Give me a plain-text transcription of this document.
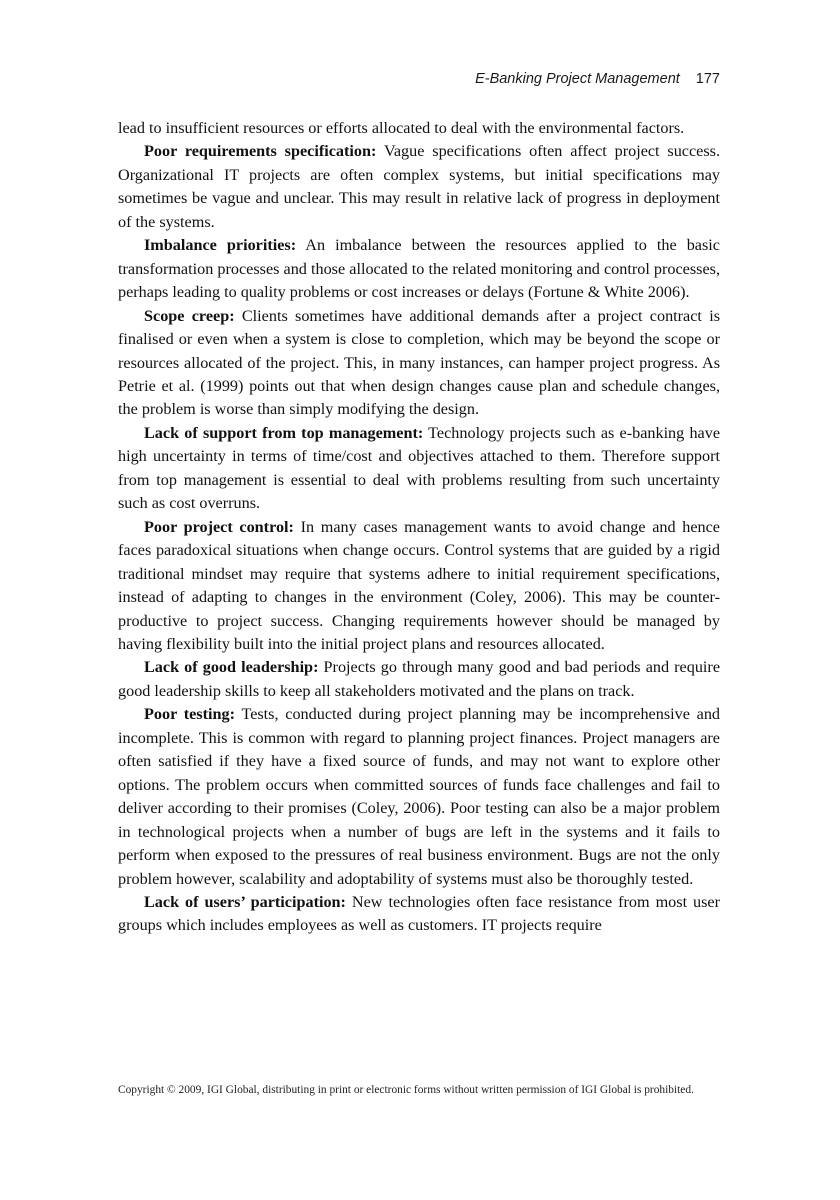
E-Banking Project Management 177

lead to insufficient resources or efforts allocated to deal with the environmental factors.

Poor requirements specification: Vague specifications often affect project success. Organizational IT projects are often complex systems, but initial specifications may sometimes be vague and unclear. This may result in relative lack of progress in deployment of the systems.

Imbalance priorities: An imbalance between the resources applied to the basic transformation processes and those allocated to the related monitoring and control processes, perhaps leading to quality problems or cost increases or delays (Fortune & White 2006).

Scope creep: Clients sometimes have additional demands after a project contract is finalised or even when a system is close to completion, which may be beyond the scope or resources allocated of the project. This, in many instances, can hamper project progress. As Petrie et al. (1999) points out that when design changes cause plan and schedule changes, the problem is worse than simply modifying the design.

Lack of support from top management: Technology projects such as e-banking have high uncertainty in terms of time/cost and objectives attached to them. Therefore support from top management is essential to deal with problems resulting from such uncertainty such as cost overruns.

Poor project control: In many cases management wants to avoid change and hence faces paradoxical situations when change occurs. Control systems that are guided by a rigid traditional mindset may require that systems adhere to initial requirement specifications, instead of adapting to changes in the environment (Coley, 2006). This may be counter-productive to project success. Changing requirements however should be managed by having flexibility built into the initial project plans and resources allocated.

Lack of good leadership: Projects go through many good and bad periods and require good leadership skills to keep all stakeholders motivated and the plans on track.

Poor testing: Tests, conducted during project planning may be incomprehensive and incomplete. This is common with regard to planning project finances. Project managers are often satisfied if they have a fixed source of funds, and may not want to explore other options. The problem occurs when committed sources of funds face challenges and fail to deliver according to their promises (Coley, 2006). Poor testing can also be a major problem in technological projects when a number of bugs are left in the systems and it fails to perform when exposed to the pressures of real business environment. Bugs are not the only problem however, scalability and adoptability of systems must also be thoroughly tested.

Lack of users’ participation: New technologies often face resistance from most user groups which includes employees as well as customers. IT projects require

Copyright © 2009, IGI Global, distributing in print or electronic forms without written permission of IGI Global is prohibited.
